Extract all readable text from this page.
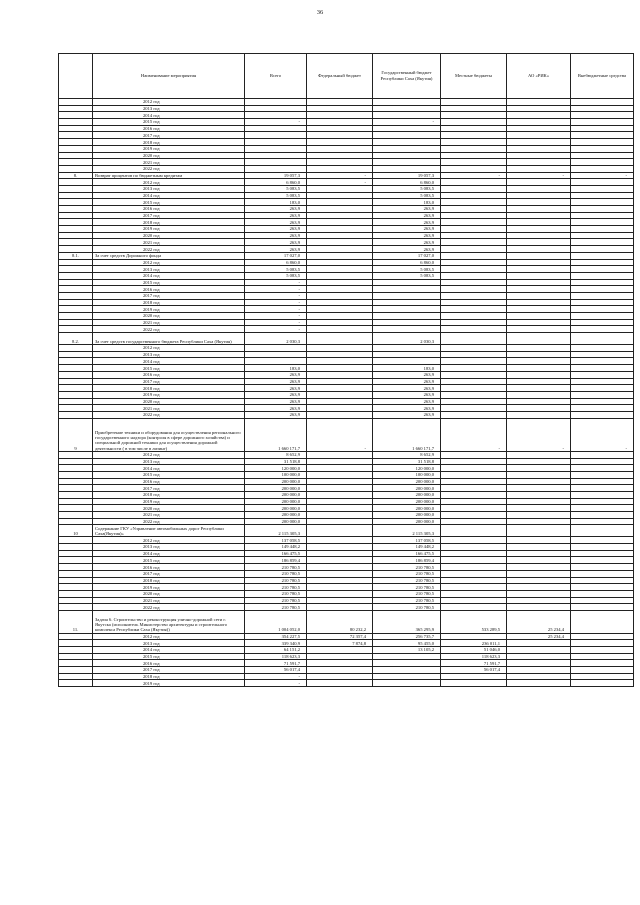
36
	Наименование мероприятия	Всего	Федеральный бюджет	Государственный бюджет Республики Саха (Якутия)	Местные бюджеты	АО «РИК»	Внебюджетные средства
	2012 год						
	2013 год						
	2014 год						
	2015 год	-		-			
	2016 год						
	2017 год						
	2018 год						
	2019 год						
	2020 год						
	2021 год						
	2022 год						
8.	Возврат процентов по бюджетным кредитам	19 057,3	-	19 057,3	-	-	-
	2012 год	6 860,0	-	6 860,0			
	2013 год	5 083,5		5 083,5			
	2014 год	5 083,5		5 083,5			
	2015 год	183,0		183,0			
	2016 год	263,9		263,9			
	2017 год	263,9		263,9			
	2018 год	263,9		263,9			
	2019 год	263,9		263,9			
	2020 год	263,9		263,9			
	2021 год	263,9		263,9			
	2022 год	263,9		263,9			
8.1.	За счет средств Дорожного фонда	17 027,0		17 027,0			
	2012 год	6 860,0		6 860,0			
	2013 год	5 083,5		5 083,5			
	2014 год	5 083,5		5 083,5			
	2015 год	-					
	2016 год	-					
	2017 год	-					
	2018 год	-					
	2019 год	-					
	2020 год	-					
	2021 год	-					
	2022 год	-					
8.2.	За счет средств государственного бюджета Республики Саха (Якутия)	2 030,3		2 030,3			
	2012 год						
	2013 год						
	2014 год						
	2015 год	183,0		183,0			
	2016 год	263,9		263,9			
	2017 год	263,9		263,9			
	2018 год	263,9		263,9			
	2019 год	263,9		263,9			
	2020 год	263,9		263,9			
	2021 год	263,9		263,9			
	2022 год	263,9		263,9			
9	Приобретение техники и оборудования для осуществления регионального государственного надзора (контроля в сфере дорожного хозяйства) и специальной дорожной техники для осуществления дорожной деятельности ( в том числе в лизинг)	1 660 171,7	-	1 660 171,7	-	-	-
	2012 год	8 652,9		8 652,9			
	2013 год	31 518,8		31 518,8			
	2014 год	120 000,0		120 000,0			
	2015 год	100 000,0		100 000,0			
	2016 год	200 000,0		200 000,0			
	2017 год	200 000,0		200 000,0			
	2018 год	200 000,0		200 000,0			
	2019 год	200 000,0		200 000,0			
	2020 год	200 000,0		200 000,0			
	2021 год	200 000,0		200 000,0			
	2022 год	200 000,0		200 000,0			
10	Содержание ГКУ «Управление автомобильных дорог Республики Саха(Якутия)»	2 115 305,3		2 115 305,3			
	2012 год	137 058,5		137 058,5			
	2013 год	149 448,2		149 448,2			
	2014 год	166 475,5		166 475,5			
	2015 год	186 859,4		186 859,4			
	2016 год	210 780,5		210 780,5			
	2017 год	210 780,5		210 780,5			
	2018 год	210 780,5		210 780,5			
	2019 год	210 780,5		210 780,5			
	2020 год	210 780,5		210 780,5			
	2021 год	210 780,5		210 780,5			
	2022 год	210 780,5		210 780,5			
11.	Задача 6. Строительство и реконструкция улично-дорожной сети г. Якутска (исполнитель Министерство архитектуры и строительного комплекса Республики Саха (Якутия))	1 004 052,0	80 232,2	365 295,9	533 289,5	25 234,4	
	2012 год	354 227,5	72 357,4	256 735,7		25 234,4	
	2013 год	339 340,9	7 874,8	95 455,0	236 011,1		
	2014 год	64 151,2		13 105,2	51 046,0		
	2015 год	118 623,3			118 623,3		
	2016 год	71 591,7			71 591,7		
	2017 год	56 017,4			56 017,4		
	2018 год	-					
	2019 год	-					
